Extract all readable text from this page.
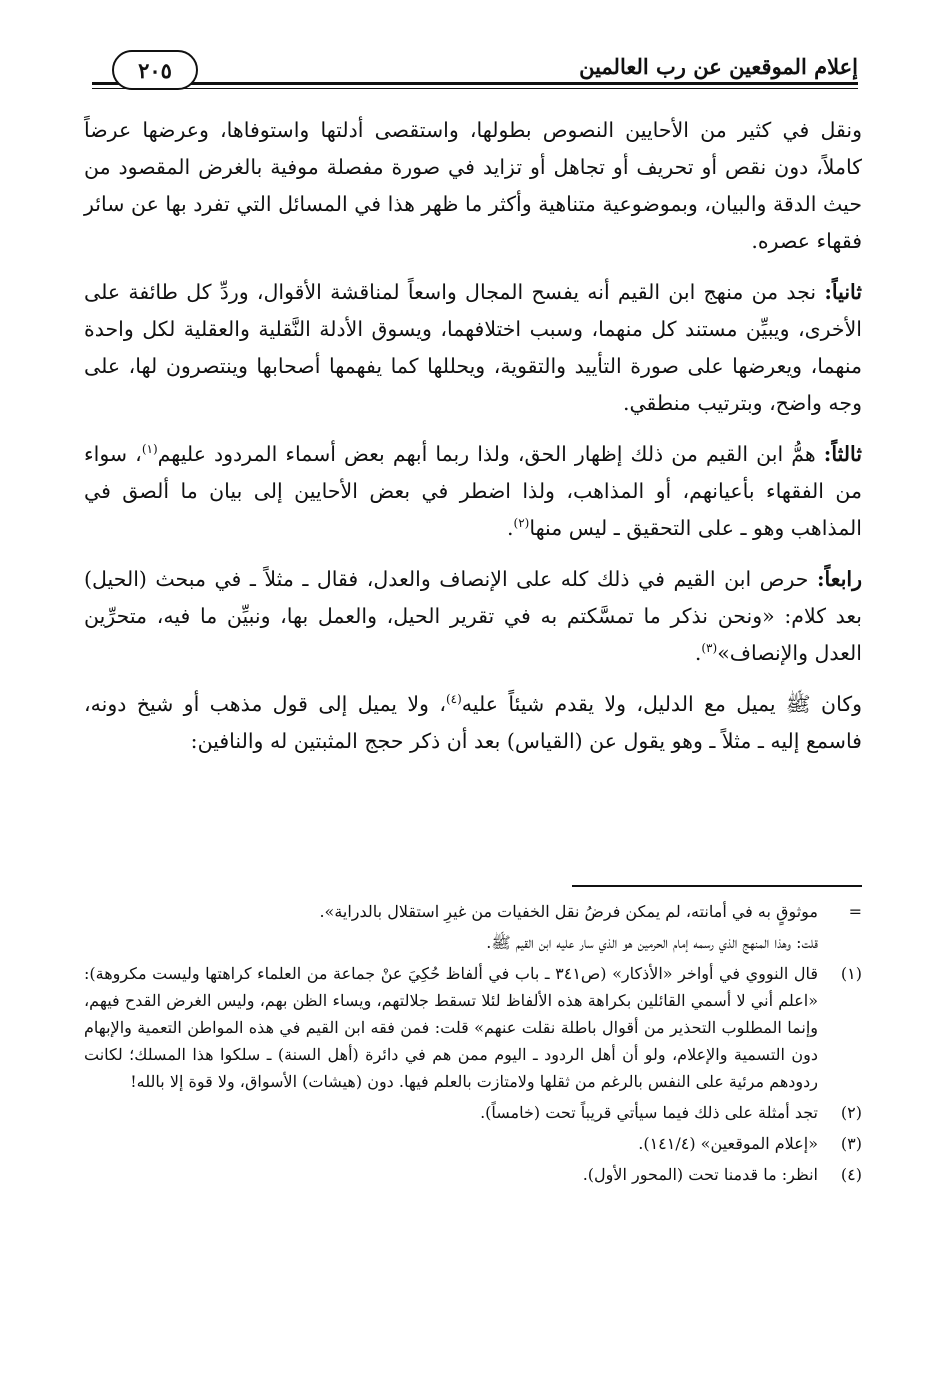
إعلام الموقعين عن رب العالمين
٢٠٥

ونقل في كثير من الأحايين النصوص بطولها، واستقصى أدلتها واستوفاها، وعرضها عرضاً كاملاً، دون نقص أو تحريف أو تجاهل أو تزايد في صورة مفصلة موفية بالغرض المقصود من حيث الدقة والبيان، وبموضوعية متناهية وأكثر ما ظهر هذا في المسائل التي تفرد بها عن سائر فقهاء عصره.

ثانياً: نجد من منهج ابن القيم أنه يفسح المجال واسعاً لمناقشة الأقوال، وردِّ كل طائفة على الأخرى، ويبيِّن مستند كل منهما، وسبب اختلافهما، ويسوق الأدلة النَّقلية والعقلية لكل واحدة منهما، ويعرضها على صورة التأييد والتقوية، ويحللها كما يفهمها أصحابها وينتصرون لها، على وجه واضح، وبترتيب منطقي.

ثالثاً: همُّ ابن القيم من ذلك إظهار الحق، ولذا ربما أبهم بعض أسماء المردود عليهم$^{(١)}$، سواء من الفقهاء بأعيانهم، أو المذاهب، ولذا اضطر في بعض الأحايين إلى بيان ما ألصق في المذاهب وهو ـ على التحقيق ـ ليس منها$^{(٢)}$.

رابعاً: حرص ابن القيم في ذلك كله على الإنصاف والعدل، فقال ـ مثلاً ـ في مبحث (الحيل) بعد كلام: «ونحن نذكر ما تمسَّكتم به في تقرير الحيل، والعمل بها، ونبيِّن ما فيه، متحرِّين العدل والإنصاف»$^{(٣)}$.

وكان ﷺ يميل مع الدليل، ولا يقدم شيئاً عليه$^{(٤)}$، ولا يميل إلى قول مذهب أو شيخ دونه، فاسمع إليه ـ مثلاً ـ وهو يقول عن (القياس) بعد أن ذكر حجج المثبتين له والنافين:

=
موثوقٍ به في أمانته، لم يمكن فرضُ نقل الخفيات من غيرِ استقلال بالدراية».
قلت: وهذا المنهج الذي رسمه إمام الحرمين هو الذي سار عليه ابن القيم ﷺ.
(١)
قال النووي في أواخر «الأذكار» (ص٣٤١ ـ باب في ألفاظ حُكِيَ عنْ جماعة من العلماء كراهتها وليست مكروهة): «اعلم أني لا أسمي القائلين بكراهة هذه الألفاظ لئلا تسقط جلالتهم، ويساء الظن بهم، وليس الغرض القدح فيهم، وإنما المطلوب التحذير من أقوال باطلة نقلت عنهم» قلت: فمن فقه ابن القيم في هذه المواطن التعمية والإبهام دون التسمية والإعلام، ولو أن أهل الردود ـ اليوم ممن هم في دائرة (أهل السنة) ـ سلكوا هذا المسلك؛ لكانت ردودهم مرئية على النفس بالرغم من ثقلها ولامتازت بالعلم فيها. دون (هيشات) الأسواق، ولا قوة إلا بالله!
(٢)
تجد أمثلة على ذلك فيما سيأتي قريباً تحت (خامساً).
(٣)
«إعلام الموقعين» (١٤١/٤).
(٤)
انظر: ما قدمنا تحت (المحور الأول).
